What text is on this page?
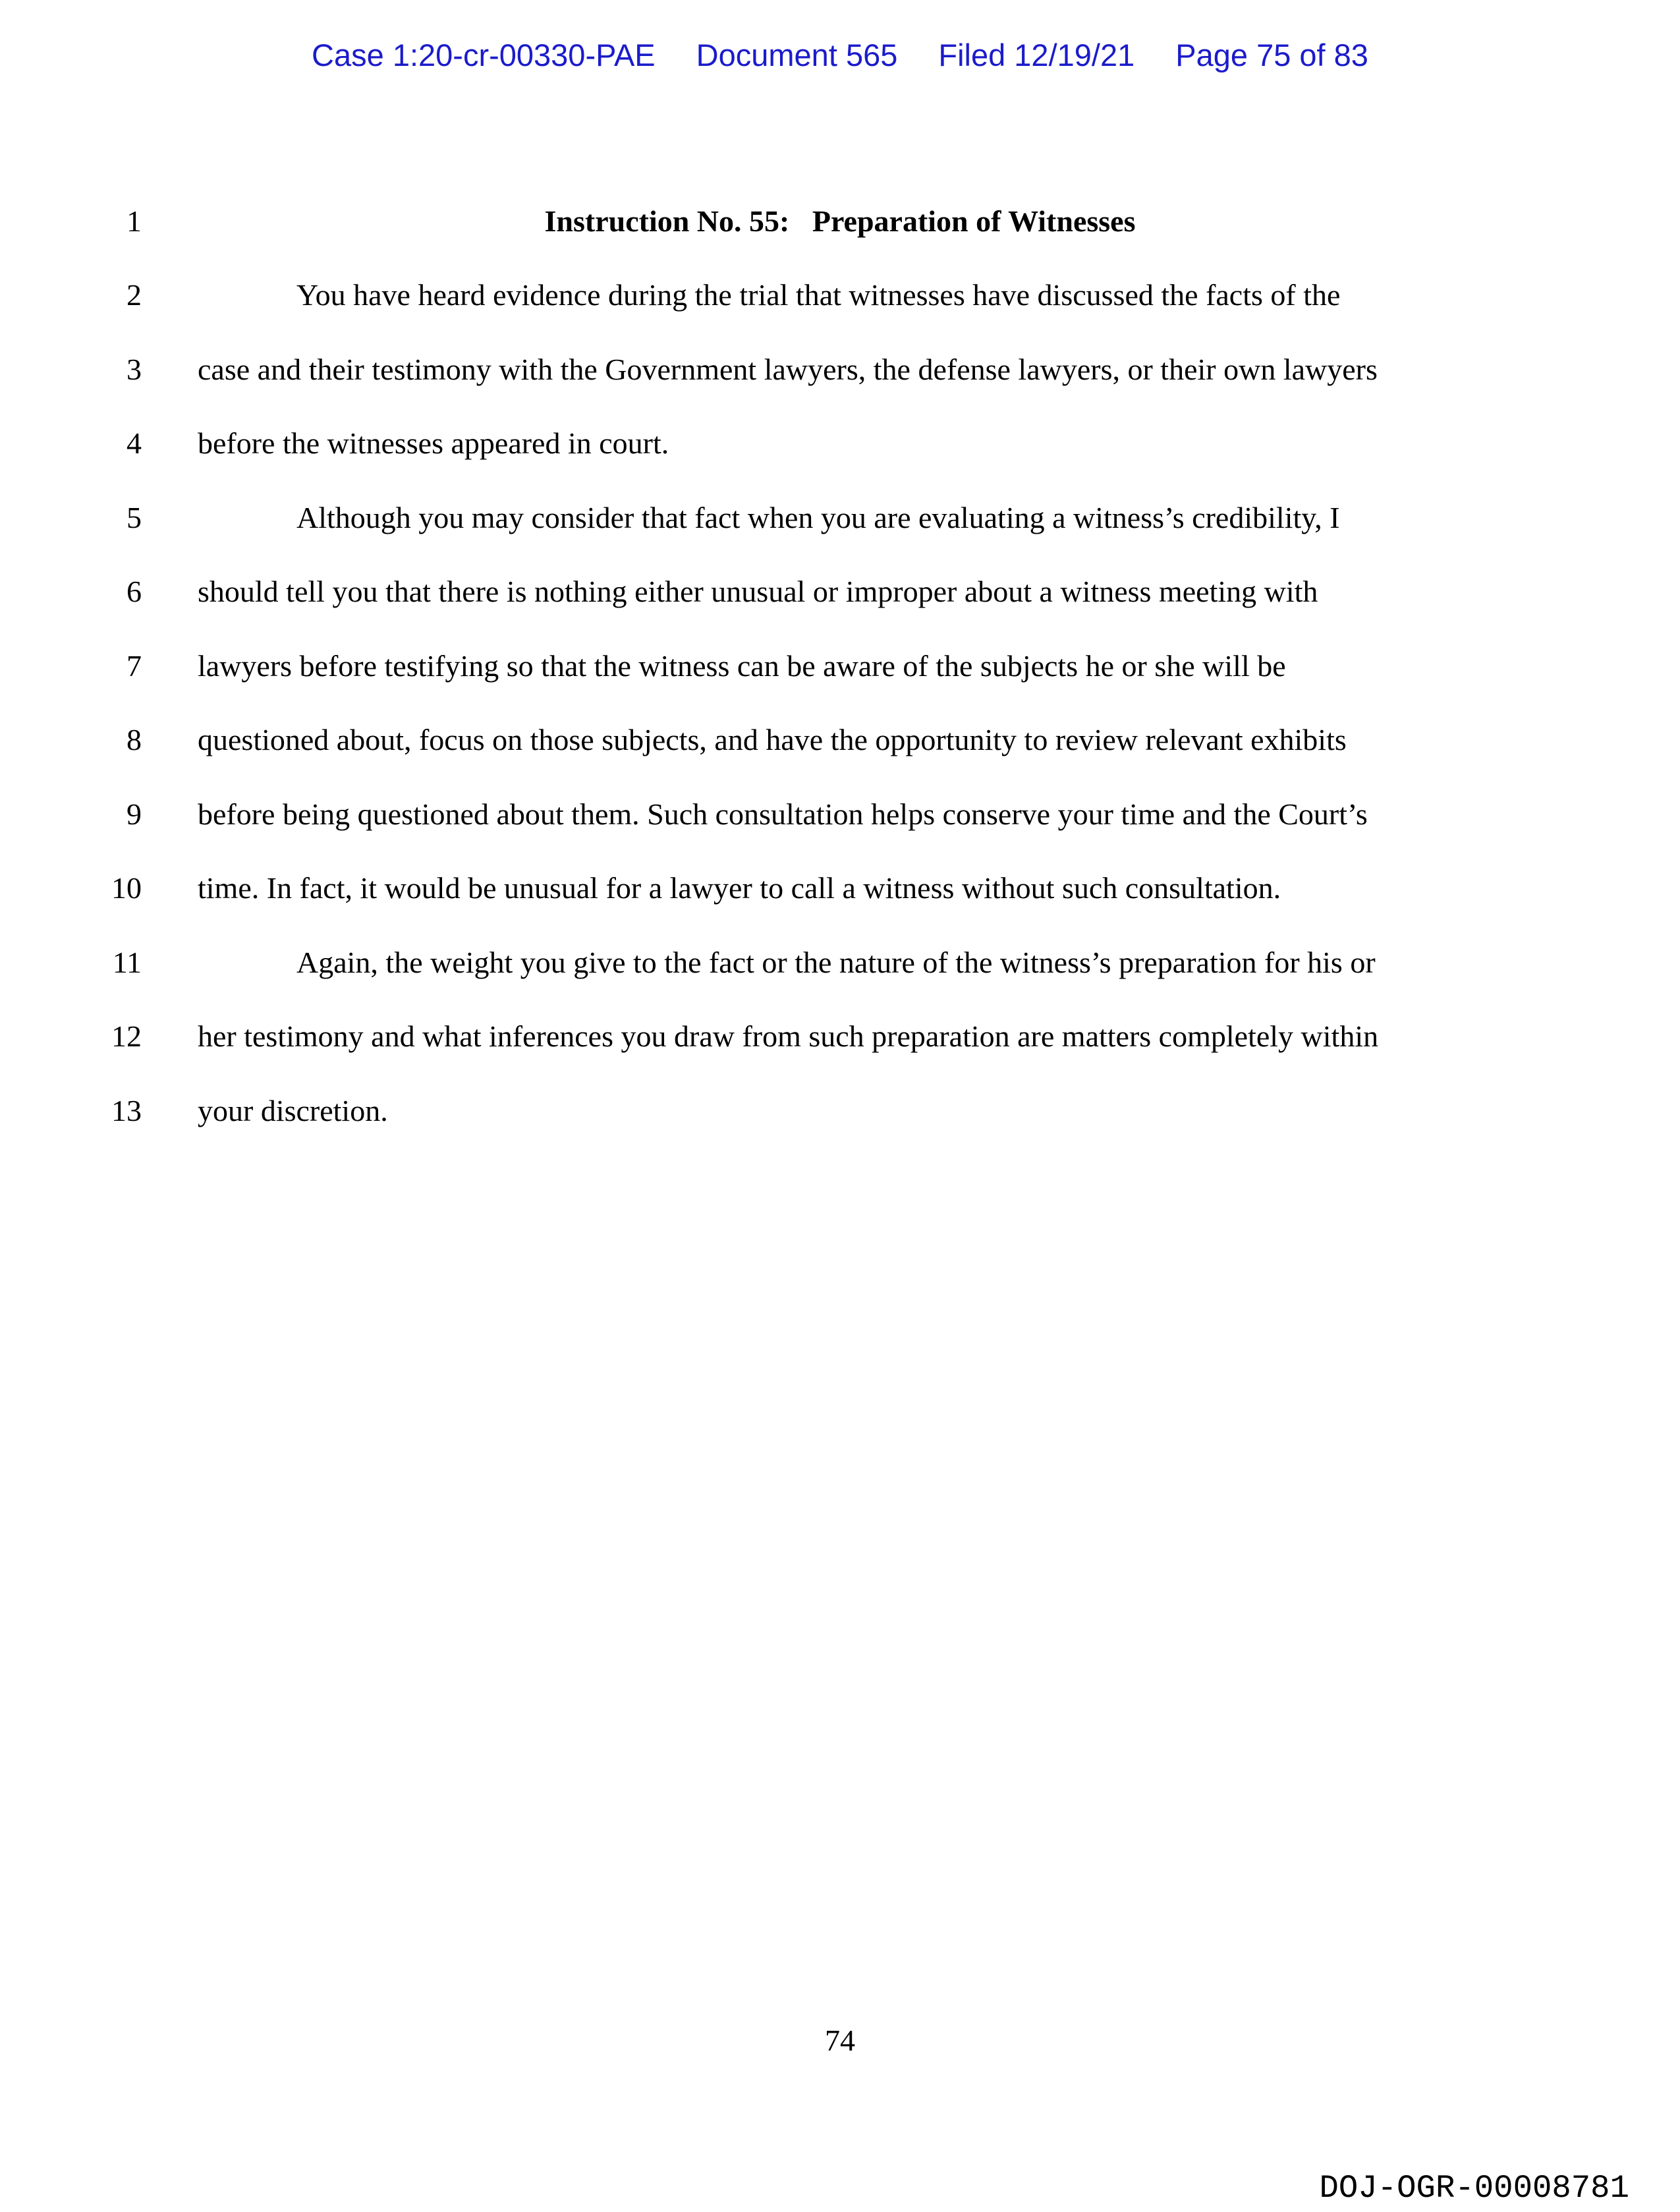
Case 1:20-cr-00330-PAE Document 565 Filed 12/19/21 Page 75 of 83
1	Instruction No. 55:   Preparation of Witnesses
2	You have heard evidence during the trial that witnesses have discussed the facts of the
3 case and their testimony with the Government lawyers, the defense lawyers, or their own lawyers
4 before the witnesses appeared in court.
5	Although you may consider that fact when you are evaluating a witness’s credibility, I
6 should tell you that there is nothing either unusual or improper about a witness meeting with
7 lawyers before testifying so that the witness can be aware of the subjects he or she will be
8 questioned about, focus on those subjects, and have the opportunity to review relevant exhibits
9 before being questioned about them. Such consultation helps conserve your time and the Court’s
10 time. In fact, it would be unusual for a lawyer to call a witness without such consultation.
11	Again, the weight you give to the fact or the nature of the witness’s preparation for his or
12 her testimony and what inferences you draw from such preparation are matters completely within
13 your discretion.
74
DOJ-OGR-00008781
